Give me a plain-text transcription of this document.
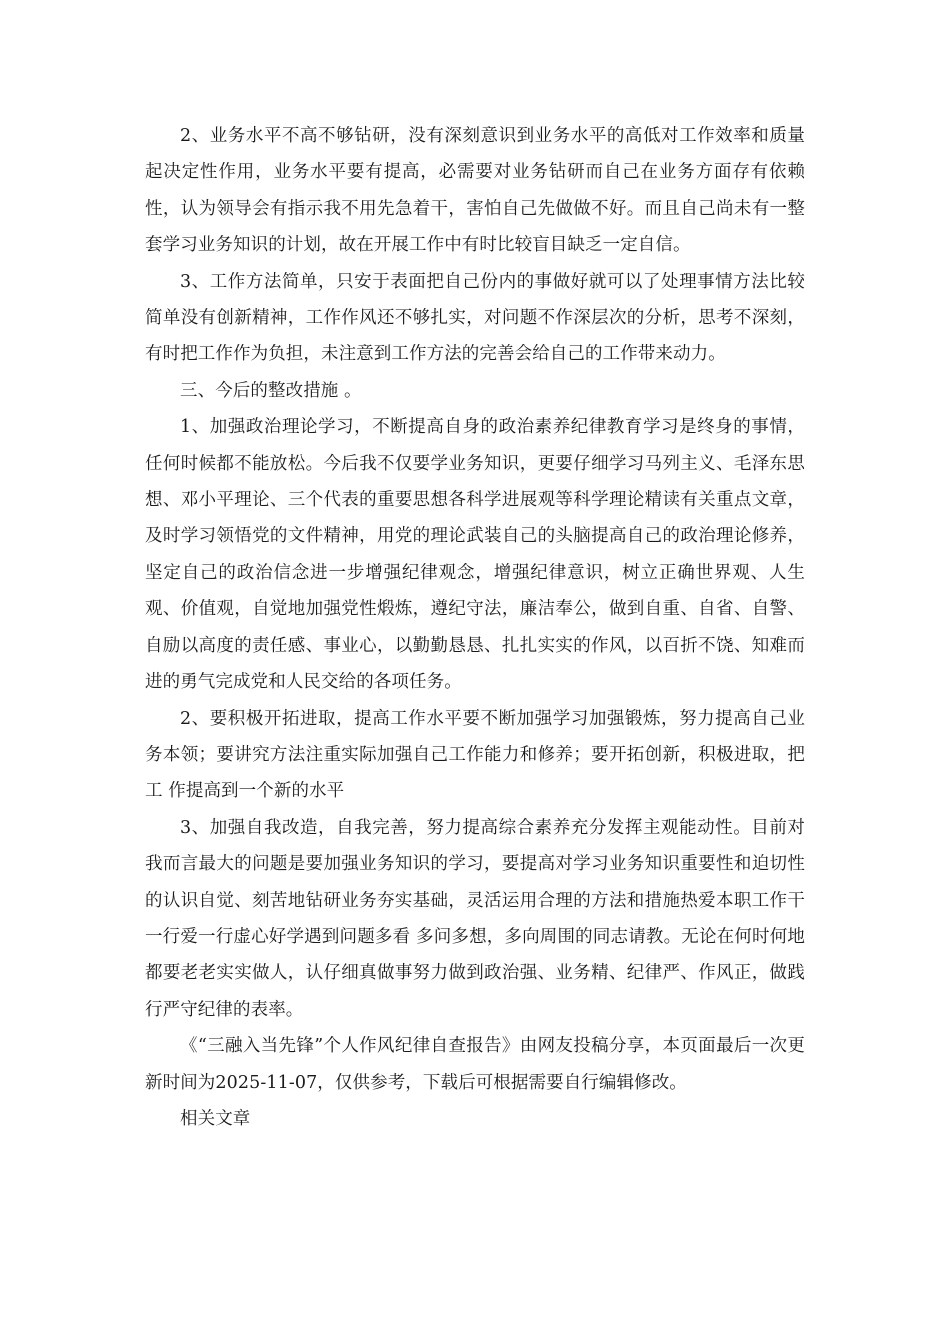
2、业务水平不高不够钻研，没有深刻意识到业务水平的高低对工作效率和质量起决定性作用，业务水平要有提高，必需要对业务钻研而自己在业务方面存有依赖性，认为领导会有指示我不用先急着干，害怕自己先做做不好。而且自己尚未有一整套学习业务知识的计划，故在开展工作中有时比较盲目缺乏一定自信。

3、工作方法简单，只安于表面把自己份内的事做好就可以了处理事情方法比较简单没有创新精神，工作作风还不够扎实，对问题不作深层次的分析，思考不深刻，有时把工作作为负担，未注意到工作方法的完善会给自己的工作带来动力。

三、今后的整改措施 。

1、加强政治理论学习，不断提高自身的政治素养纪律教育学习是终身的事情，任何时候都不能放松。今后我不仅要学业务知识，更要仔细学习马列主义、毛泽东思想、邓小平理论、三个代表的重要思想各科学进展观等科学理论精读有关重点文章，及时学习领悟党的文件精神，用党的理论武装自己的头脑提高自己的政治理论修养，坚定自己的政治信念进一步增强纪律观念，增强纪律意识，树立正确世界观、人生观、价值观，自觉地加强党性煅炼，遵纪守法，廉洁奉公，做到自重、自省、自警、自励以高度的责任感、事业心，以勤勤恳恳、扎扎实实的作风，以百折不饶、知难而进的勇气完成党和人民交给的各项任务。

2、要积极开拓进取，提高工作水平要不断加强学习加强锻炼，努力提高自己业务本领；要讲究方法注重实际加强自己工作能力和修养；要开拓创新，积极进取，把工 作提高到一个新的水平

3、加强自我改造，自我完善，努力提高综合素养充分发挥主观能动性。目前对我而言最大的问题是要加强业务知识的学习，要提高对学习业务知识重要性和迫切性的认识自觉、刻苦地钻研业务夯实基础，灵活运用合理的方法和措施热爱本职工作干一行爱一行虚心好学遇到问题多看 多问多想，多向周围的同志请教。无论在何时何地都要老老实实做人，认仔细真做事努力做到政治强、业务精、纪律严、作风正，做践行严守纪律的表率。

《“三融入当先锋”个人作风纪律自查报告》由网友投稿分享，本页面最后一次更新时间为2025-11-07，仅供参考，下载后可根据需要自行编辑修改。

相关文章
